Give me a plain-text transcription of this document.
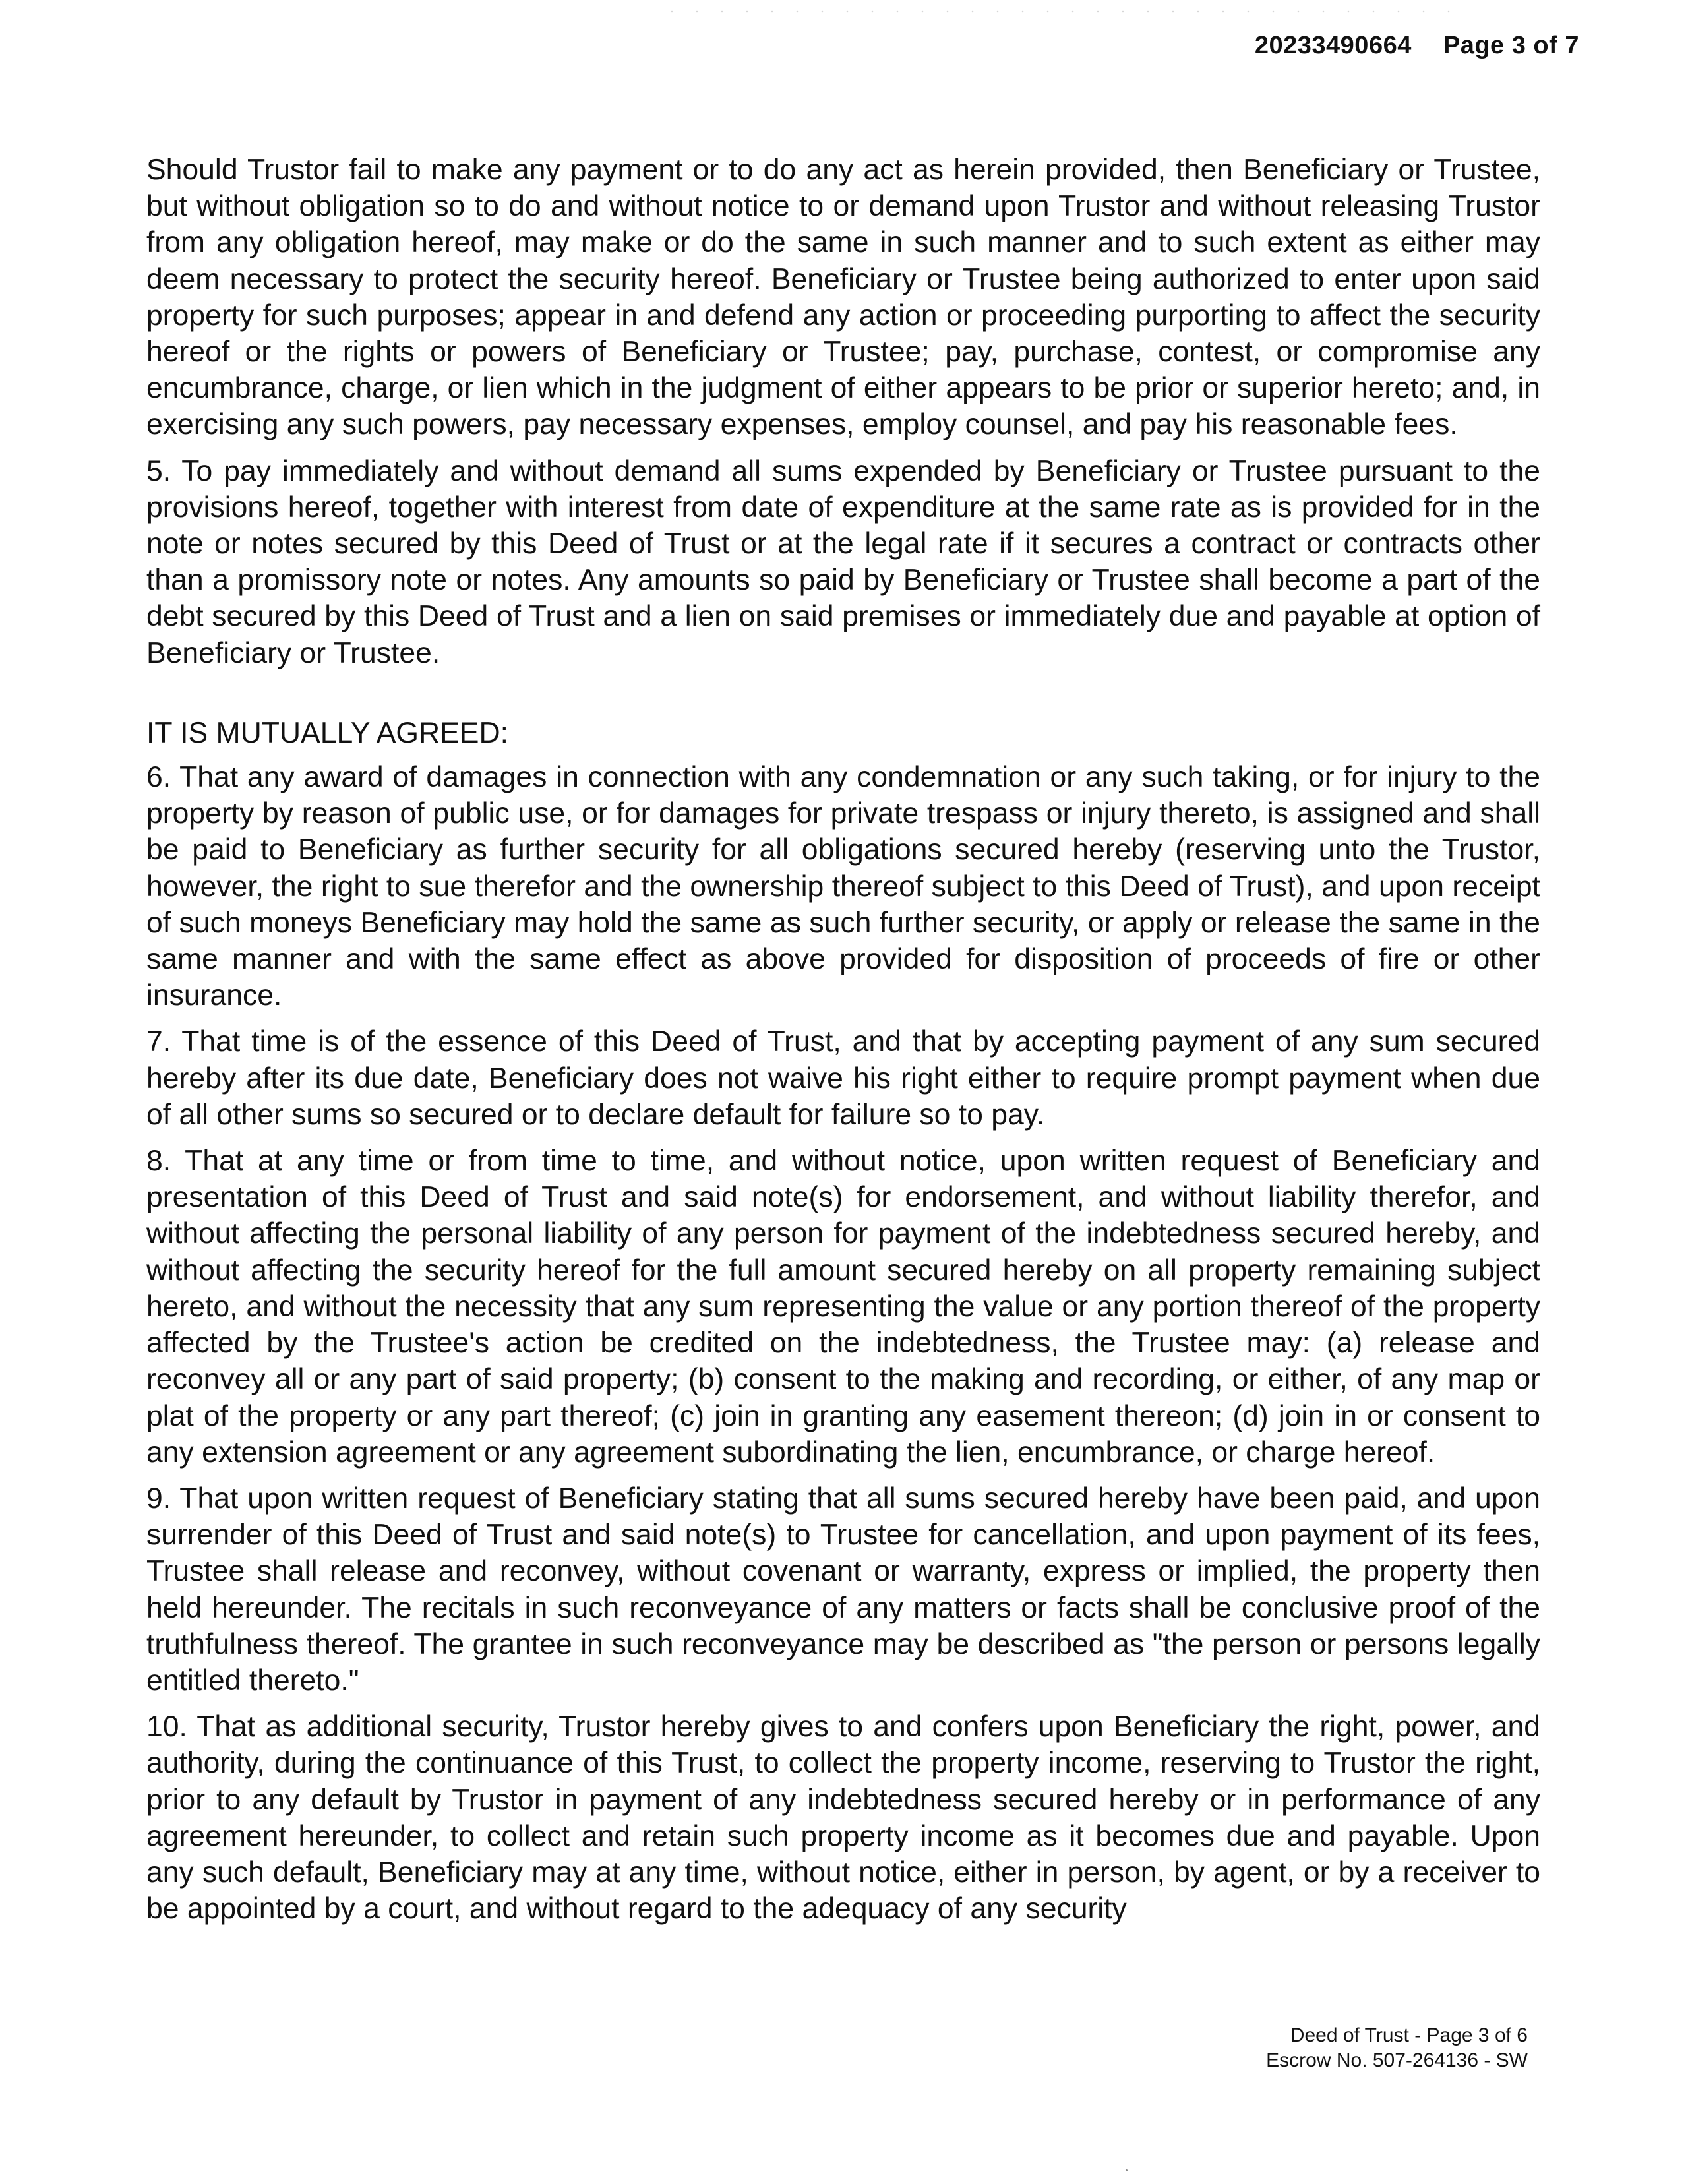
20233490664 Page 3 of 7

Should Trustor fail to make any payment or to do any act as herein provided, then Beneficiary or Trustee, but without obligation so to do and without notice to or demand upon Trustor and without releasing Trustor from any obligation hereof, may make or do the same in such manner and to such extent as either may deem necessary to protect the security hereof. Beneficiary or Trustee being authorized to enter upon said property for such purposes; appear in and defend any action or proceeding purporting to affect the security hereof or the rights or powers of Beneficiary or Trustee; pay, purchase, contest, or compromise any encumbrance, charge, or lien which in the judgment of either appears to be prior or superior hereto; and, in exercising any such powers, pay necessary expenses, employ counsel, and pay his reasonable fees.

5. To pay immediately and without demand all sums expended by Beneficiary or Trustee pursuant to the provisions hereof, together with interest from date of expenditure at the same rate as is provided for in the note or notes secured by this Deed of Trust or at the legal rate if it secures a contract or contracts other than a promissory note or notes. Any amounts so paid by Beneficiary or Trustee shall become a part of the debt secured by this Deed of Trust and a lien on said premises or immediately due and payable at option of Beneficiary or Trustee.

IT IS MUTUALLY AGREED:

6. That any award of damages in connection with any condemnation or any such taking, or for injury to the property by reason of public use, or for damages for private trespass or injury thereto, is assigned and shall be paid to Beneficiary as further security for all obligations secured hereby (reserving unto the Trustor, however, the right to sue therefor and the ownership thereof subject to this Deed of Trust), and upon receipt of such moneys Beneficiary may hold the same as such further security, or apply or release the same in the same manner and with the same effect as above provided for disposition of proceeds of fire or other insurance.

7. That time is of the essence of this Deed of Trust, and that by accepting payment of any sum secured hereby after its due date, Beneficiary does not waive his right either to require prompt payment when due of all other sums so secured or to declare default for failure so to pay.

8. That at any time or from time to time, and without notice, upon written request of Beneficiary and presentation of this Deed of Trust and said note(s) for endorsement, and without liability therefor, and without affecting the personal liability of any person for payment of the indebtedness secured hereby, and without affecting the security hereof for the full amount secured hereby on all property remaining subject hereto, and without the necessity that any sum representing the value or any portion thereof of the property affected by the Trustee's action be credited on the indebtedness, the Trustee may: (a) release and reconvey all or any part of said property; (b) consent to the making and recording, or either, of any map or plat of the property or any part thereof; (c) join in granting any easement thereon; (d) join in or consent to any extension agreement or any agreement subordinating the lien, encumbrance, or charge hereof.

9. That upon written request of Beneficiary stating that all sums secured hereby have been paid, and upon surrender of this Deed of Trust and said note(s) to Trustee for cancellation, and upon payment of its fees, Trustee shall release and reconvey, without covenant or warranty, express or implied, the property then held hereunder. The recitals in such reconveyance of any matters or facts shall be conclusive proof of the truthfulness thereof. The grantee in such reconveyance may be described as "the person or persons legally entitled thereto."

10. That as additional security, Trustor hereby gives to and confers upon Beneficiary the right, power, and authority, during the continuance of this Trust, to collect the property income, reserving to Trustor the right, prior to any default by Trustor in payment of any indebtedness secured hereby or in performance of any agreement hereunder, to collect and retain such property income as it becomes due and payable. Upon any such default, Beneficiary may at any time, without notice, either in person, by agent, or by a receiver to be appointed by a court, and without regard to the adequacy of any security

Deed of Trust - Page 3 of 6
Escrow No. 507-264136 - SW
